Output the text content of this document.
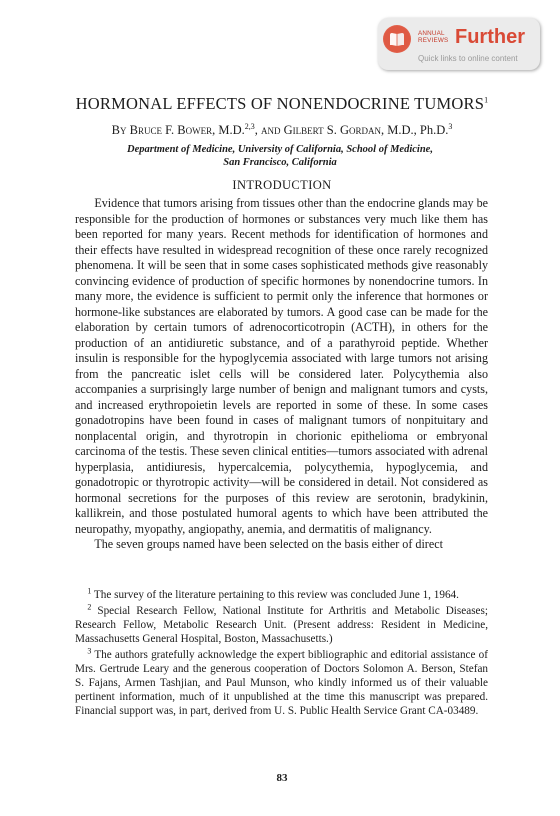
ANNUAL
REVIEWS Further
Quick links to online content
HORMONAL EFFECTS OF NONENDOCRINE TUMORS$^1$
By Bruce F. Bower, M.D.$^{2,3}$, and Gilbert S. Gordan, M.D., Ph.D.$^3$
Department of Medicine, University of California, School of Medicine,
San Francisco, California
INTRODUCTION

Evidence that tumors arising from tissues other than the endocrine glands may be responsible for the production of hormones or substances very much like them has been reported for many years. Recent methods for identification of hormones and their effects have resulted in widespread recognition of these once rarely recognized phenomena. It will be seen that in some cases sophisticated methods give reasonably convincing evidence of production of specific hormones by nonendocrine tumors. In many more, the evidence is sufficient to permit only the inference that hormones or hormone-like substances are elaborated by tumors. A good case can be made for the elaboration by certain tumors of adrenocorticotropin (ACTH), in others for the production of an antidiuretic substance, and of a parathyroid peptide. Whether insulin is responsible for the hypoglycemia associated with large tumors not arising from the pancreatic islet cells will be considered later. Polycythemia also accompanies a surprisingly large number of benign and malignant tumors and cysts, and increased erythropoietin levels are reported in some of these. In some cases gonadotropins have been found in cases of malignant tumors of nonpituitary and nonplacental origin, and thyrotropin in chorionic epithelioma or embryonal carcinoma of the testis. These seven clinical entities—tumors associated with adrenal hyperplasia, antidiuresis, hypercalcemia, polycythemia, hypoglycemia, and gonadotropic or thyrotropic activity—will be considered in detail. Not considered as hormonal secretions for the purposes of this review are serotonin, bradykinin, kallikrein, and those postulated humoral agents to which have been attributed the neuropathy, myopathy, angiopathy, anemia, and dermatitis of malignancy.

The seven groups named have been selected on the basis either of direct

$^1$ The survey of the literature pertaining to this review was concluded June 1, 1964.

$^2$ Special Research Fellow, National Institute for Arthritis and Metabolic Diseases; Research Fellow, Metabolic Research Unit. (Present address: Resident in Medicine, Massachusetts General Hospital, Boston, Massachusetts.)

$^3$ The authors gratefully acknowledge the expert bibliographic and editorial assistance of Mrs. Gertrude Leary and the generous cooperation of Doctors Solomon A. Berson, Stefan S. Fajans, Armen Tashjian, and Paul Munson, who kindly informed us of their valuable pertinent information, much of it unpublished at the time this manuscript was prepared. Financial support was, in part, derived from U. S. Public Health Service Grant CA-03489.

83
